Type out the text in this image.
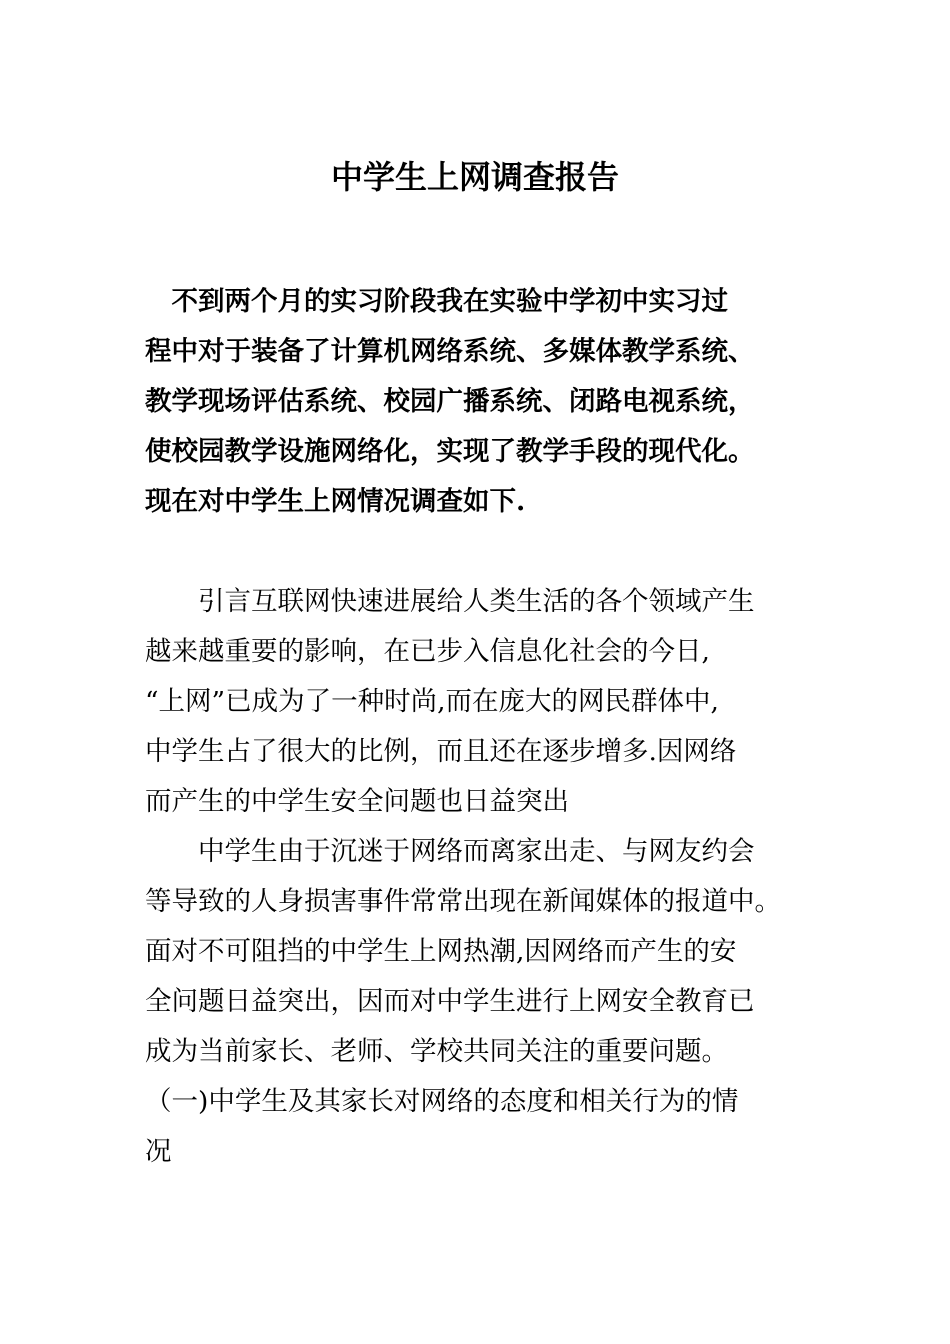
中学生上网调查报告
　不到两个月的实习阶段我在实验中学初中实习过
程中对于装备了计算机网络系统、多媒体教学系统、
教学现场评估系统、校园广播系统、闭路电视系统，
使校园教学设施网络化，实现了教学手段的现代化。
现在对中学生上网情况调查如下.
　　引言互联网快速进展给人类生活的各个领域产生
越来越重要的影响，在已步入信息化社会的今日,
“上网”已成为了一种时尚,而在庞大的网民群体中,
中学生占了很大的比例，而且还在逐步增多.因网络
而产生的中学生安全问题也日益突出
　　中学生由于沉迷于网络而离家出走、与网友约会
等导致的人身损害事件常常出现在新闻媒体的报道中。
面对不可阻挡的中学生上网热潮,因网络而产生的安
全问题日益突出，因而对中学生进行上网安全教育已
成为当前家长、老师、学校共同关注的重要问题。
（一)中学生及其家长对网络的态度和相关行为的情
况
